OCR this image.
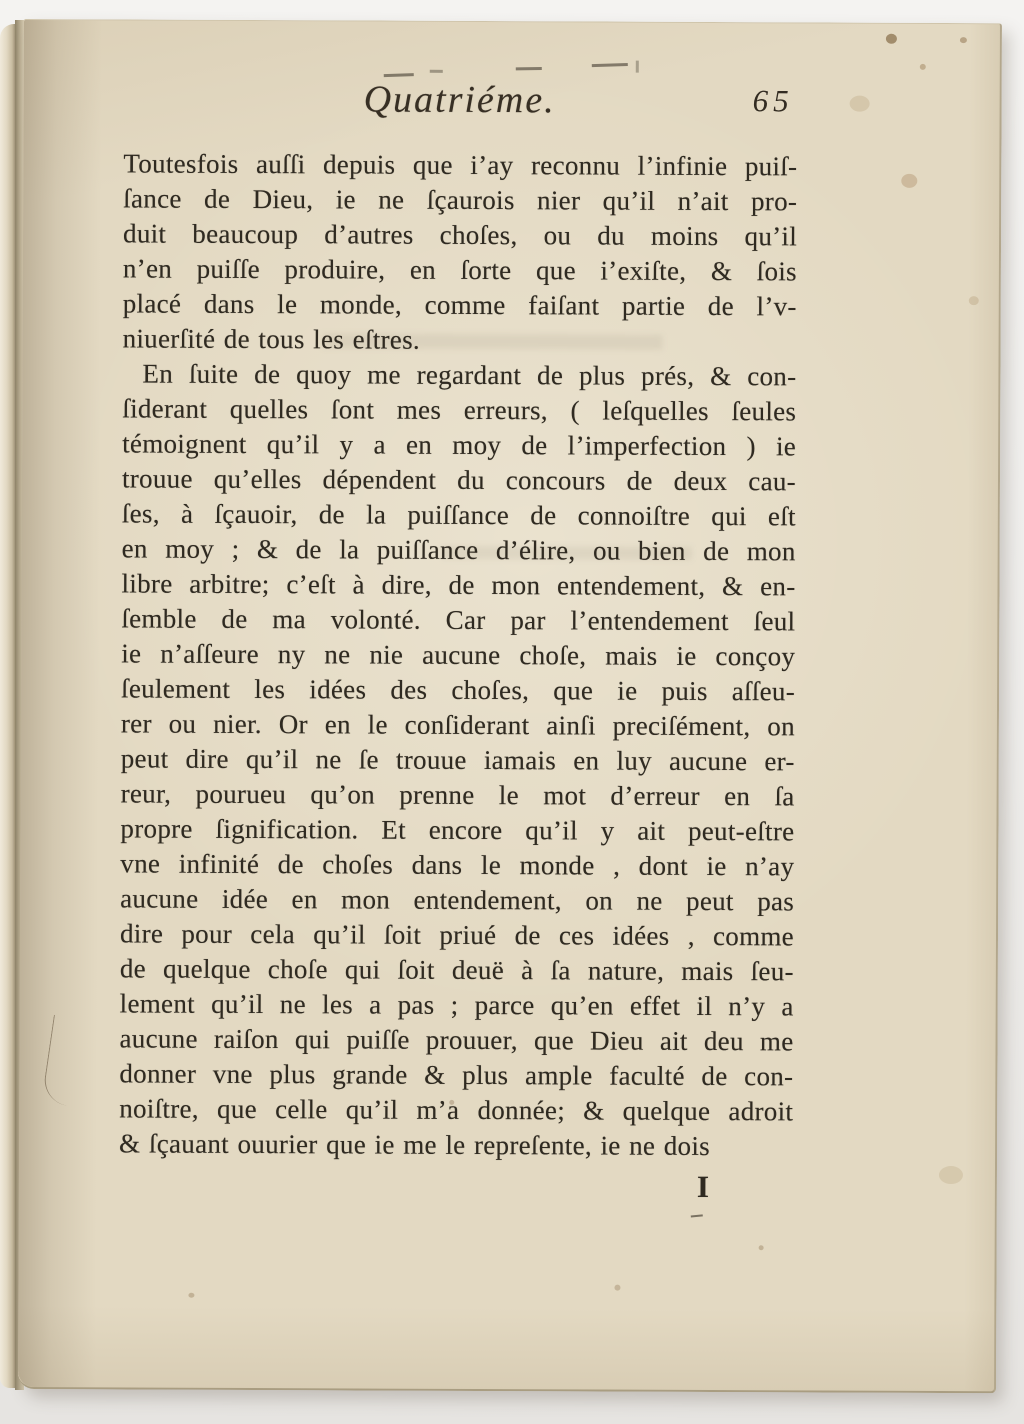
Quatriéme.	65
Toutesfois auſſi depuis que i’ay reconnu l’infinie puiſ-
ſance de Dieu, ie ne ſçaurois nier qu’il n’ait pro-
duit beaucoup d’autres choſes, ou du moins qu’il
n’en puiſſe produire, en ſorte que i’exiſte, & ſois
placé dans le monde, comme faiſant partie de l’v-
niuerſité de tous les eſtres.
En ſuite de quoy me regardant de plus prés, & con-
ſiderant quelles ſont mes erreurs, ( leſquelles ſeules
témoignent qu’il y a en moy de l’imperfection ) ie
trouue qu’elles dépendent du concours de deux cau-
ſes, à ſçauoir, de la puiſſance de connoiſtre qui eſt
en moy ; & de la puiſſance d’élire, ou bien de mon
libre arbitre; c’eſt à dire, de mon entendement, & en-
ſemble de ma volonté. Car par l’entendement ſeul
ie n’aſſeure ny ne nie aucune choſe, mais ie conçoy
ſeulement les idées des choſes, que ie puis aſſeu-
rer ou nier. Or en le conſiderant ainſi preciſément, on
peut dire qu’il ne ſe trouue iamais en luy aucune er-
reur, pourueu qu’on prenne le mot d’erreur en ſa
propre ſignification. Et encore qu’il y ait peut-eſtre
vne infinité de choſes dans le monde , dont ie n’ay
aucune idée en mon entendement, on ne peut pas
dire pour cela qu’il ſoit priué de ces idées , comme
de quelque choſe qui ſoit deuë à ſa nature, mais ſeu-
lement qu’il ne les a pas ; parce qu’en effet il n’y a
aucune raiſon qui puiſſe prouuer, que Dieu ait deu me
donner vne plus grande & plus ample faculté de con-
noiſtre, que celle qu’il m’a donnée; & quelque adroit
& ſçauant ouurier que ie me le repreſente, ie ne dois
I
